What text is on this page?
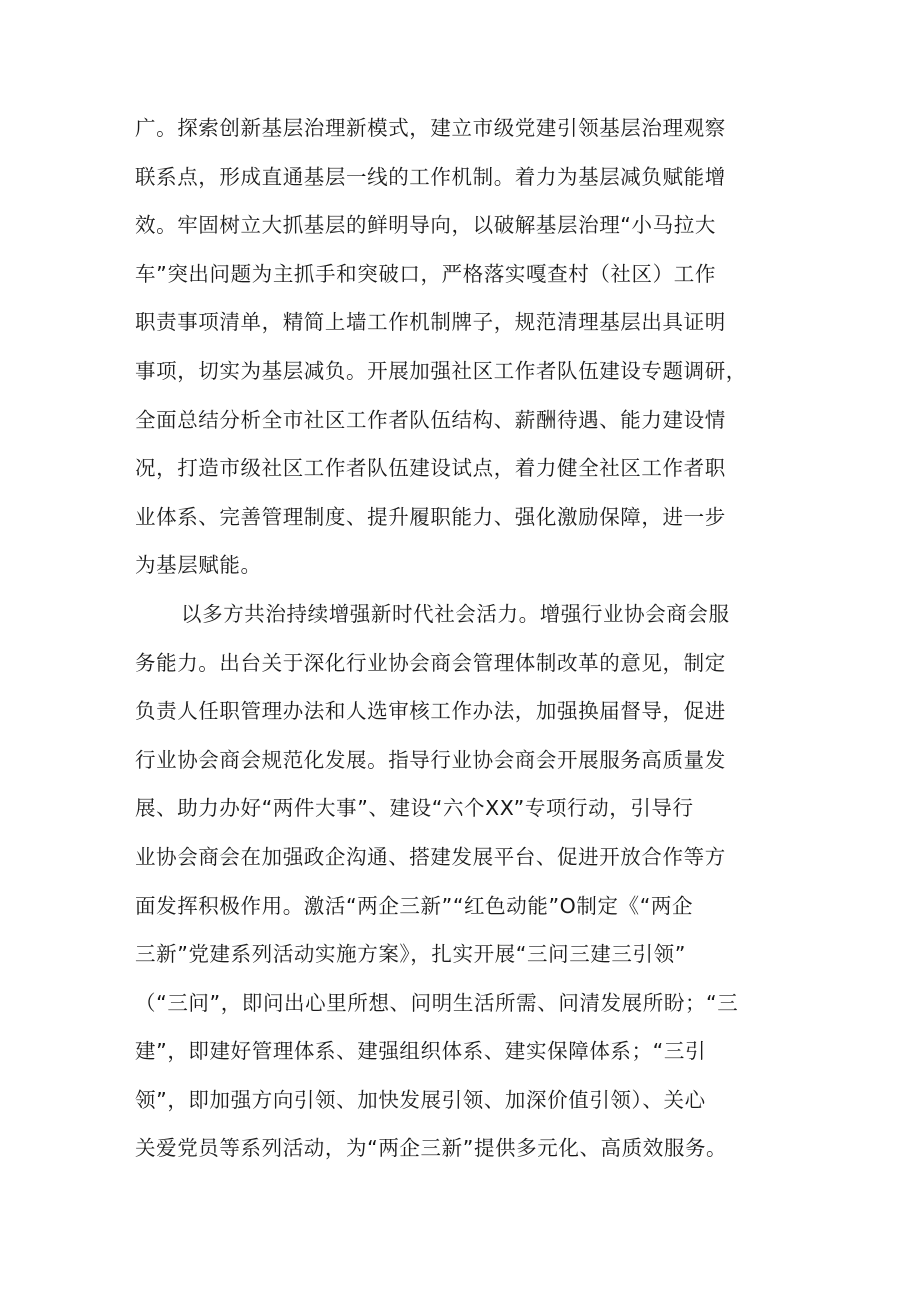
广。探索创新基层治理新模式，建立市级党建引领基层治理观察
联系点，形成直通基层一线的工作机制。着力为基层减负赋能增
效。牢固树立大抓基层的鲜明导向，以破解基层治理“小马拉大
车”突出问题为主抓手和突破口，严格落实嘎查村（社区）工作
职责事项清单，精简上墙工作机制牌子，规范清理基层出具证明
事项，切实为基层减负。开展加强社区工作者队伍建设专题调研，
全面总结分析全市社区工作者队伍结构、薪酬待遇、能力建设情
况，打造市级社区工作者队伍建设试点，着力健全社区工作者职
业体系、完善管理制度、提升履职能力、强化激励保障，进一步
为基层赋能。
以多方共治持续增强新时代社会活力。增强行业协会商会服
务能力。出台关于深化行业协会商会管理体制改革的意见，制定
负责人任职管理办法和人选审核工作办法，加强换届督导，促进
行业协会商会规范化发展。指导行业协会商会开展服务高质量发
展、助力办好“两件大事”、建设“六个XX”专项行动，引导行
业协会商会在加强政企沟通、搭建发展平台、促进开放合作等方
面发挥积极作用。激活“两企三新”“红色动能”O制定《“两企
三新”党建系列活动实施方案》，扎实开展“三问三建三引领”
（“三问”，即问出心里所想、问明生活所需、问清发展所盼；“三
建”，即建好管理体系、建强组织体系、建实保障体系；“三引
领”，即加强方向引领、加快发展引领、加深价值引领）、关心
关爱党员等系列活动，为“两企三新”提供多元化、高质效服务。
